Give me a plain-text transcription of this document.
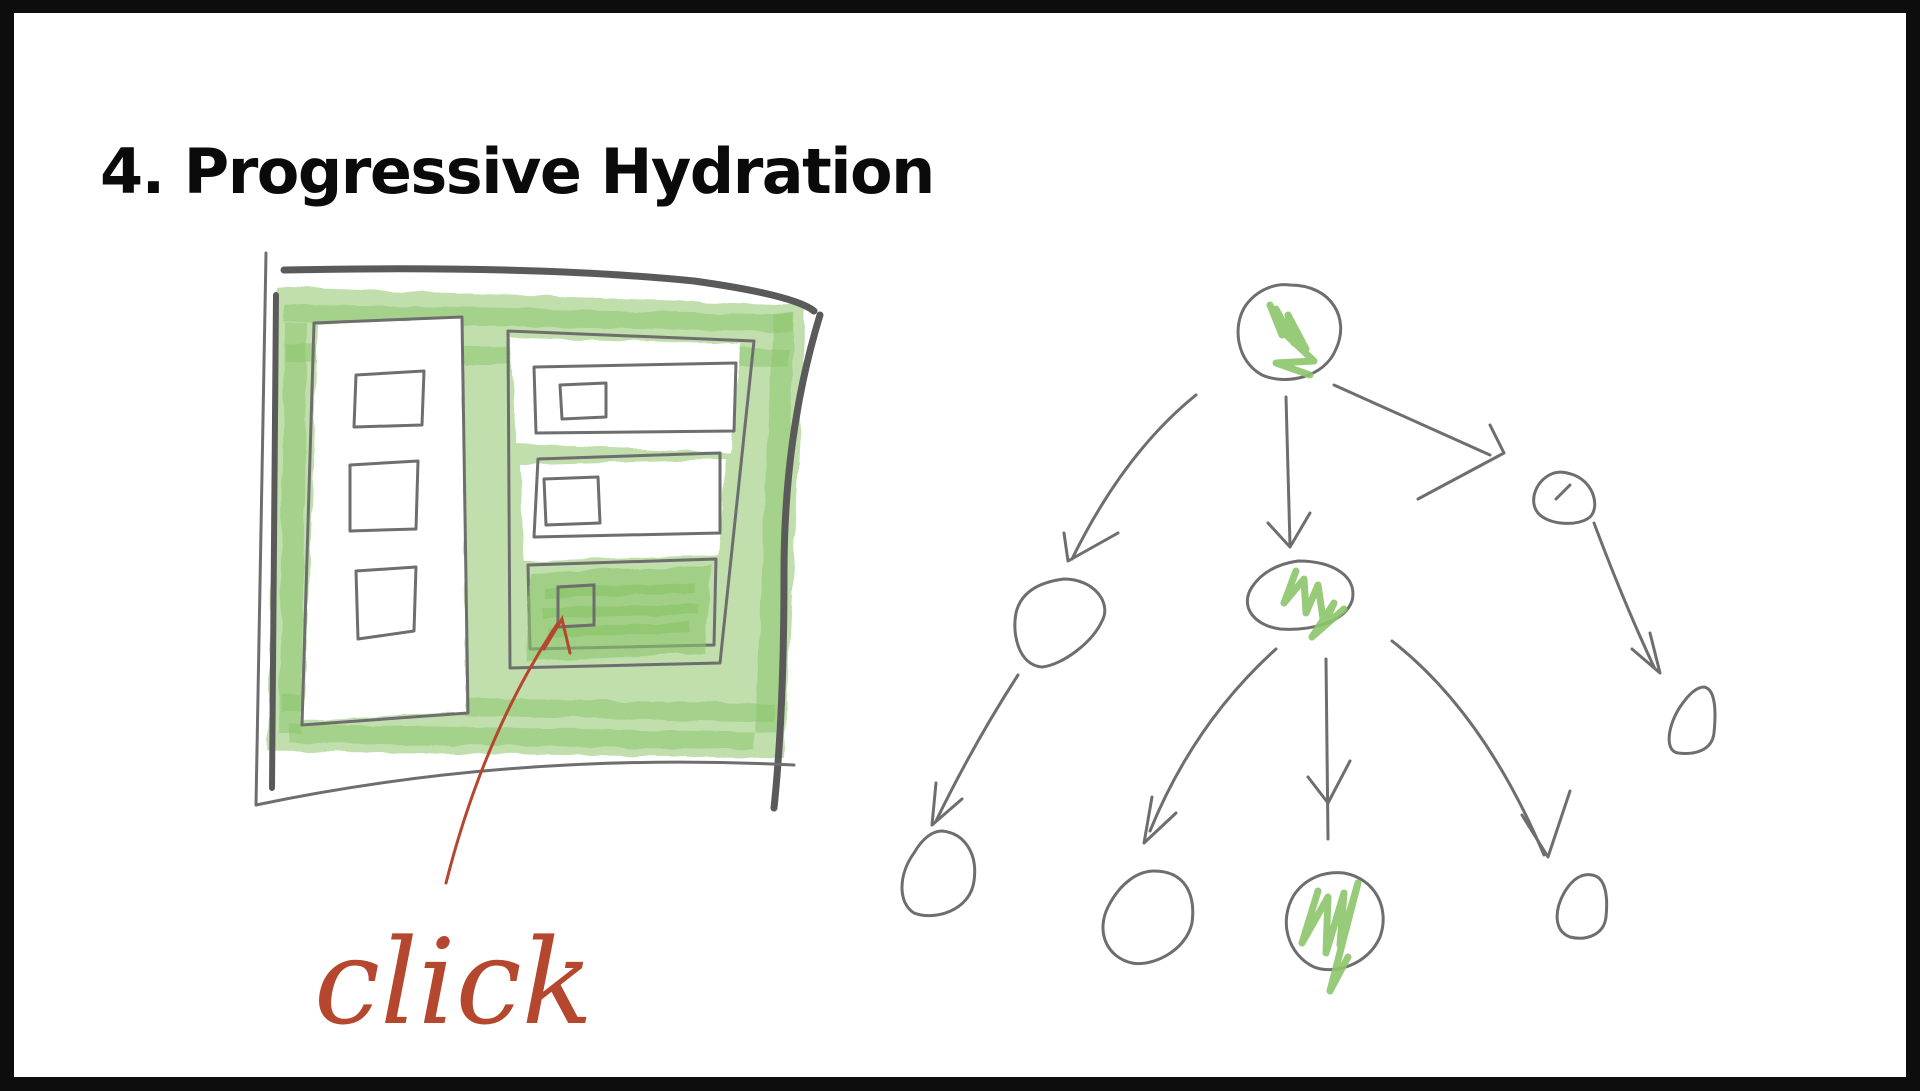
4. Progressive Hydration
click
